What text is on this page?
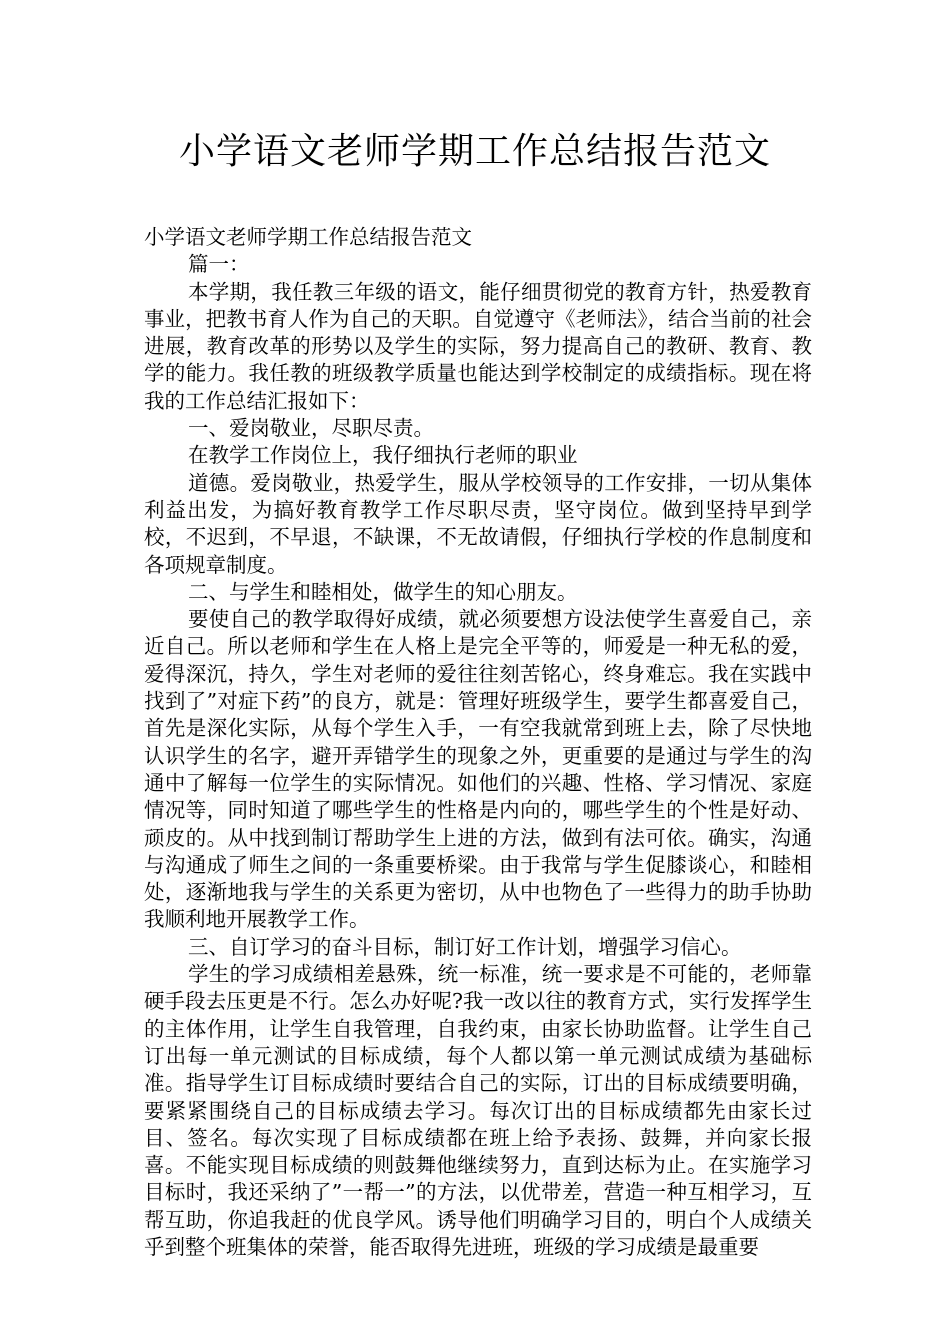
小学语文老师学期工作总结报告范文

小学语文老师学期工作总结报告范文

篇一：

本学期，我任教三年级的语文，能仔细贯彻党的教育方针，热爱教育事业，把教书育人作为自己的天职。自觉遵守《老师法》，结合当前的社会进展，教育改革的形势以及学生的实际，努力提高自己的教研、教育、教学的能力。我任教的班级教学质量也能达到学校制定的成绩指标。现在将我的工作总结汇报如下：

一、爱岗敬业，尽职尽责。

在教学工作岗位上，我仔细执行老师的职业

道德。爱岗敬业，热爱学生，服从学校领导的工作安排，一切从集体利益出发，为搞好教育教学工作尽职尽责，坚守岗位。做到坚持早到学校，不迟到，不早退，不缺课，不无故请假，仔细执行学校的作息制度和各项规章制度。

二、与学生和睦相处，做学生的知心朋友。

要使自己的教学取得好成绩，就必须要想方设法使学生喜爱自己，亲近自己。所以老师和学生在人格上是完全平等的，师爱是一种无私的爱，爱得深沉，持久，学生对老师的爱往往刻苦铭心，终身难忘。我在实践中找到了”对症下药”的良方，就是：管理好班级学生，要学生都喜爱自己，首先是深化实际，从每个学生入手，一有空我就常到班上去，除了尽快地认识学生的名字，避开弄错学生的现象之外，更重要的是通过与学生的沟通中了解每一位学生的实际情况。如他们的兴趣、性格、学习情况、家庭情况等，同时知道了哪些学生的性格是内向的，哪些学生的个性是好动、顽皮的。从中找到制订帮助学生上进的方法，做到有法可依。确实，沟通与沟通成了师生之间的一条重要桥梁。由于我常与学生促膝谈心，和睦相处，逐渐地我与学生的关系更为密切，从中也物色了一些得力的助手协助我顺利地开展教学工作。

三、自订学习的奋斗目标，制订好工作计划，增强学习信心。

学生的学习成绩相差悬殊，统一标准，统一要求是不可能的，老师靠硬手段去压更是不行。怎么办好呢?我一改以往的教育方式，实行发挥学生的主体作用，让学生自我管理，自我约束，由家长协助监督。让学生自己订出每一单元测试的目标成绩，每个人都以第一单元测试成绩为基础标准。指导学生订目标成绩时要结合自己的实际，订出的目标成绩要明确，要紧紧围绕自己的目标成绩去学习。每次订出的目标成绩都先由家长过目、签名。每次实现了目标成绩都在班上给予表扬、鼓舞，并向家长报喜。不能实现目标成绩的则鼓舞他继续努力，直到达标为止。在实施学习目标时，我还采纳了”一帮一”的方法，以优带差，营造一种互相学习，互帮互助，你追我赶的优良学风。诱导他们明确学习目的，明白个人成绩关乎到整个班集体的荣誉，能否取得先进班，班级的学习成绩是最重要
